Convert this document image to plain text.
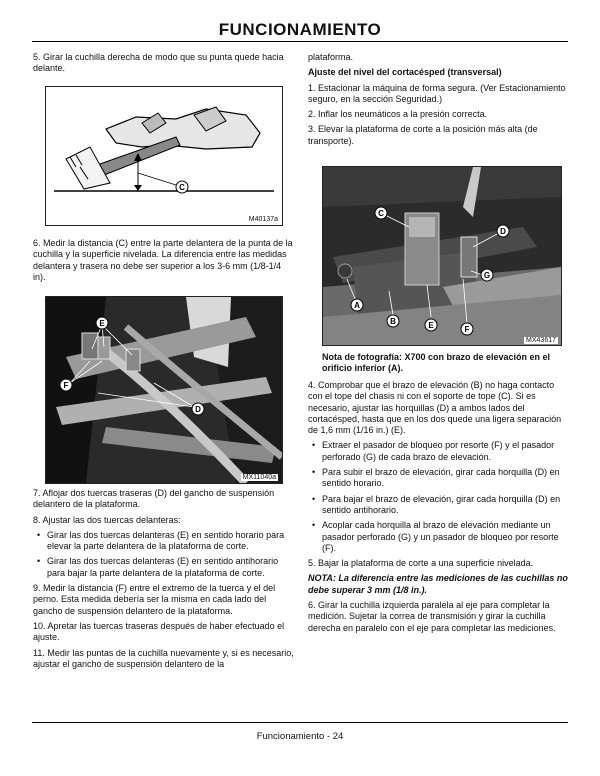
FUNCIONAMIENTO

5. Girar la cuchilla derecha de modo que su punta quede hacia delante.

C
M40137a

6. Medir la distancia (C) entre la parte delantera de la punta de la cuchilla y la superficie nivelada. La diferencia entre las medidas delantera y trasera no debe ser superior a los 3-6 mm (1/8-1/4 in).

E
F
D
MX11040a

7. Aflojar dos tuercas traseras (D) del gancho de suspensión delantero de la plataforma.

8. Ajustar las dos tuercas delanteras:

• Girar las dos tuercas delanteras (E) en sentido horario para elevar la parte delantera de la plataforma de corte.

• Girar las dos tuercas delanteras (E) en sentido antihorario para bajar la parte delantera de la plataforma de corte.

9. Medir la distancia (F) entre el extremo de la tuerca y el del perno. Esta medida debería ser la misma en cada lado del gancho de suspensión delantero de la plataforma.

10. Apretar las tuercas traseras después de haber efectuado el ajuste.

11. Medir las puntas de la cuchilla nuevamente y, si es necesario, ajustar el gancho de suspensión delantero de la

plataforma.

Ajuste del nivel del cortacésped (transversal)

1. Estacionar la máquina de forma segura. (Ver Estacionamiento seguro, en la sección Seguridad.)

2. Inflar los neumáticos a la presión correcta.

3. Elevar la plataforma de corte a la posición más alta (de transporte).

C
D
G
A
B	E	F
MX43617

Nota de fotografía: X700 con brazo de elevación en el orificio inferior (A).

4. Comprobar que el brazo de elevación (B) no haga contacto con el tope del chasis ni con el soporte de tope (C). Si es necesario, ajustar las horquillas (D) a ambos lados del cortacésped, hasta que en los dos quede una ligera separación de 1,6 mm (1/16 in.) (E).

• Extraer el pasador de bloqueo por resorte (F) y el pasador perforado (G) de cada brazo de elevación.

• Para subir el brazo de elevación, girar cada horquilla (D) en sentido horario.

• Para bajar el brazo de elevación, girar cada horquilla (D) en sentido antihorario.

• Acoplar cada horquilla al brazo de elevación mediante un pasador perforado (G) y un pasador de bloqueo por resorte (F).

5. Bajar la plataforma de corte a una superficie nivelada.

NOTA: La diferencia entre las mediciones de las cuchillas no debe superar 3 mm (1/8 in.).

6. Girar la cuchilla izquierda paralela al eje para completar la medición. Sujetar la correa de transmisión y girar la cuchilla derecha en paralelo con el eje para completar las mediciones.

Funcionamiento - 24
